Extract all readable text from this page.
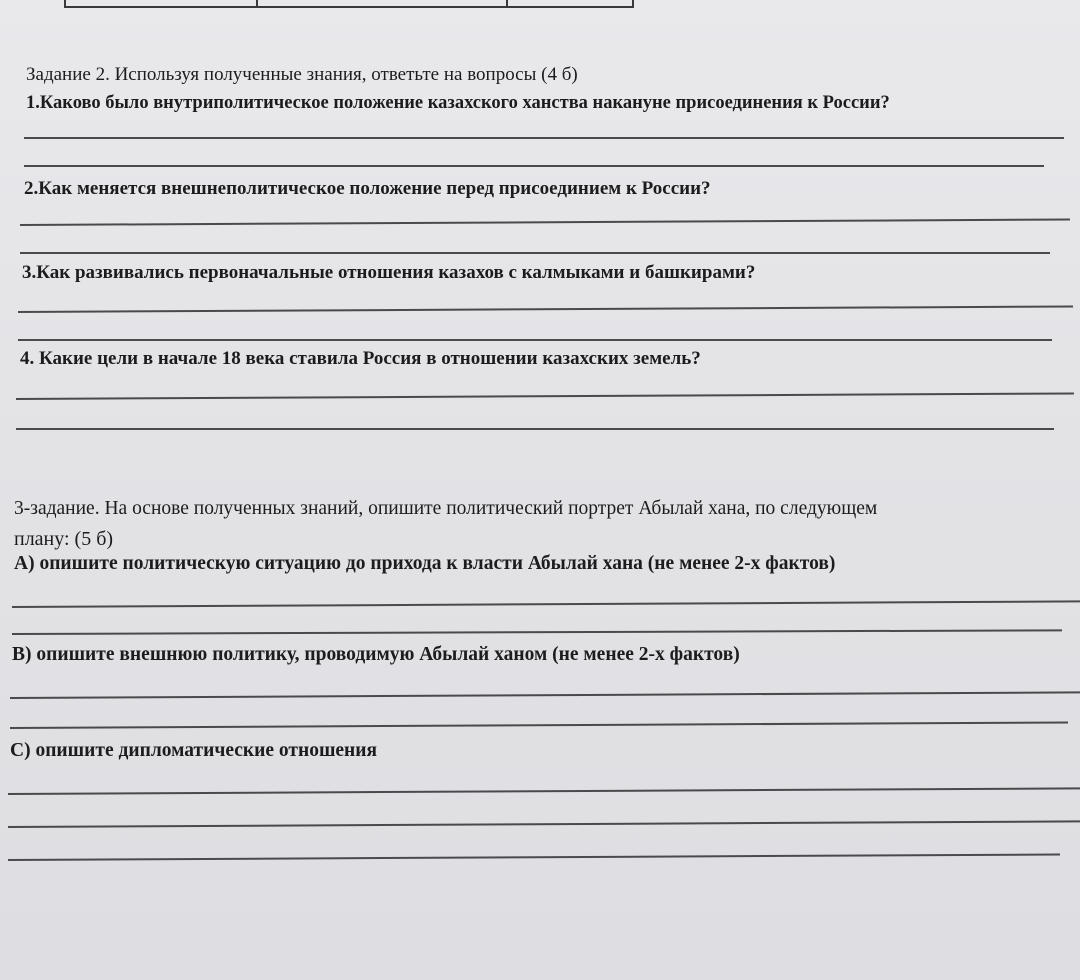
Задание 2. Используя полученные знания, ответьте на вопросы (4 б)
1.Каково было внутриполитическое положение казахского ханства накануне присоединения к России?
2.Как меняется внешнеполитическое положение перед присоединием к России?
3.Как развивались первоначальные отношения казахов с калмыками и башкирами?
4. Какие цели в начале 18 века ставила Россия в отношении казахских земель?
3-задание. На основе полученных знаний, опишите политический портрет Абылай хана, по следующем
плану: (5 б)
А) опишите политическую ситуацию до прихода к власти Абылай хана (не менее 2-х фактов)
В) опишите внешнюю политику, проводимую Абылай ханом (не менее 2-х фактов)
С) опишите дипломатические отношения
